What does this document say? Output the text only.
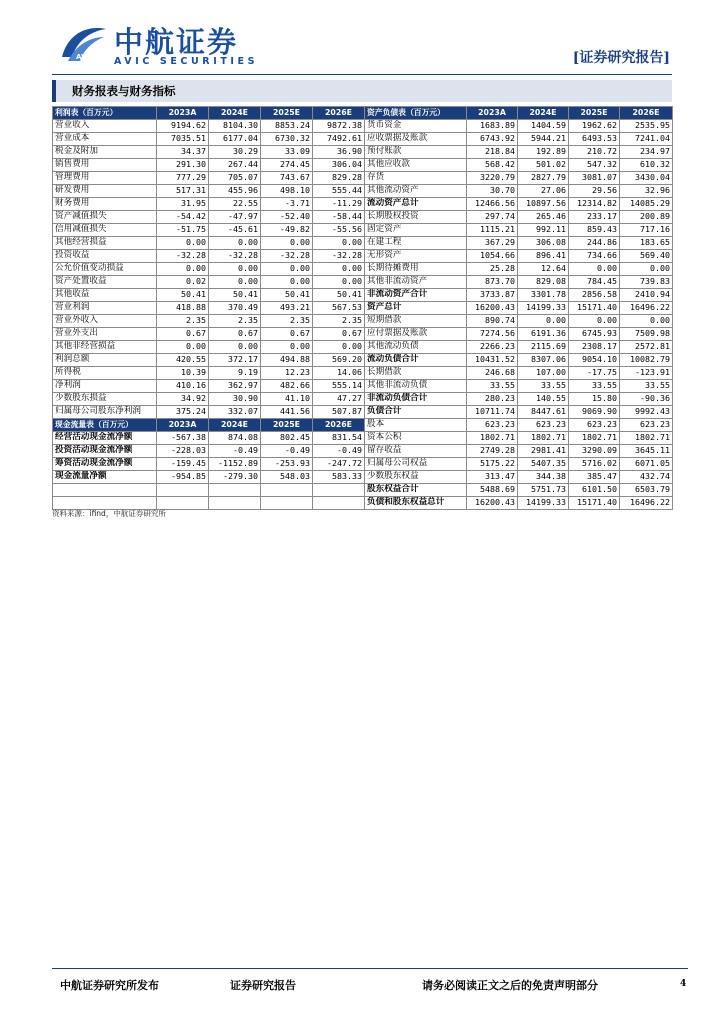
AVIC 中航证券
AVIC SECURITIES	[证券研究报告]
财务报表与财务指标
利润表（百万元）	2023A	2024E	2025E	2026E	资产负债表（百万元）	2023A	2024E	2025E	2026E
营业收入	9194.62	8104.30	8853.24	9872.38	货币资金	1683.89	1404.59	1962.62	2535.95
营业成本	7035.51	6177.04	6730.32	7492.61	应收票据及账款	6743.92	5944.21	6493.53	7241.04
税金及附加	34.37	30.29	33.09	36.90	预付账款	218.84	192.89	210.72	234.97
销售费用	291.30	267.44	274.45	306.04	其他应收款	568.42	501.02	547.32	610.32
管理费用	777.29	705.07	743.67	829.28	存货	3220.79	2827.79	3081.07	3430.04
研发费用	517.31	455.96	498.10	555.44	其他流动资产	30.70	27.06	29.56	32.96
财务费用	31.95	22.55	-3.71	-11.29	流动资产总计	12466.56	10897.56	12314.82	14085.29
资产减值损失	-54.42	-47.97	-52.40	-58.44	长期股权投资	297.74	265.46	233.17	200.89
信用减值损失	-51.75	-45.61	-49.82	-55.56	固定资产	1115.21	992.11	859.43	717.16
其他经营损益	0.00	0.00	0.00	0.00	在建工程	367.29	306.08	244.86	183.65
投资收益	-32.28	-32.28	-32.28	-32.28	无形资产	1054.66	896.41	734.66	569.40
公允价值变动损益	0.00	0.00	0.00	0.00	长期待摊费用	25.28	12.64	0.00	0.00
资产处置收益	0.02	0.00	0.00	0.00	其他非流动资产	873.70	829.08	784.45	739.83
其他收益	50.41	50.41	50.41	50.41	非流动资产合计	3733.87	3301.78	2856.58	2410.94
营业利润	418.88	370.49	493.21	567.53	资产总计	16200.43	14199.33	15171.40	16496.22
营业外收入	2.35	2.35	2.35	2.35	短期借款	890.74	0.00	0.00	0.00
营业外支出	0.67	0.67	0.67	0.67	应付票据及账款	7274.56	6191.36	6745.93	7509.98
其他非经营损益	0.00	0.00	0.00	0.00	其他流动负债	2266.23	2115.69	2308.17	2572.81
利润总额	420.55	372.17	494.88	569.20	流动负债合计	10431.52	8307.06	9054.10	10082.79
所得税	10.39	9.19	12.23	14.06	长期借款	246.68	107.00	-17.75	-123.91
净利润	410.16	362.97	482.66	555.14	其他非流动负债	33.55	33.55	33.55	33.55
少数股东损益	34.92	30.90	41.10	47.27	非流动负债合计	280.23	140.55	15.80	-90.36
归属母公司股东净利润	375.24	332.07	441.56	507.87	负债合计	10711.74	8447.61	9069.90	9992.43
现金流量表（百万元）	2023A	2024E	2025E	2026E	股本	623.23	623.23	623.23	623.23
经营活动现金流净额	-567.38	874.08	802.45	831.54	资本公积	1802.71	1802.71	1802.71	1802.71
投资活动现金流净额	-228.03	-0.49	-0.49	-0.49	留存收益	2749.28	2981.41	3290.09	3645.11
筹资活动现金流净额	-159.45	-1152.89	-253.93	-247.72	归属母公司权益	5175.22	5407.35	5716.02	6071.05
现金流量净额	-954.85	-279.30	548.03	583.33	少数股东权益	313.47	344.38	385.47	432.74
					股东权益合计	5488.69	5751.73	6101.50	6503.79
					负债和股东权益总计	16200.43	14199.33	15171.40	16496.22
资料来源：ifind，中航证券研究所
中航证券研究所发布	证券研究报告	请务必阅读正文之后的免责声明部分	4
